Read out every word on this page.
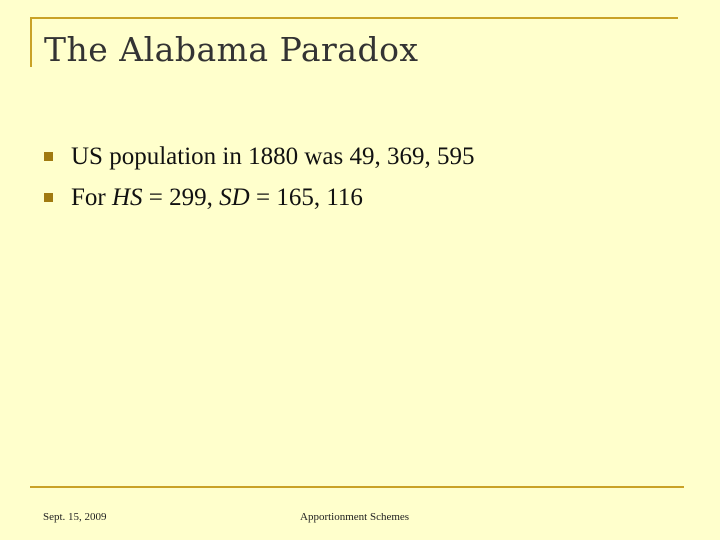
The Alabama Paradox
US population in 1880 was 49, 369, 595
For HS = 299, SD = 165, 116
Sept. 15, 2009	Apportionment Schemes
